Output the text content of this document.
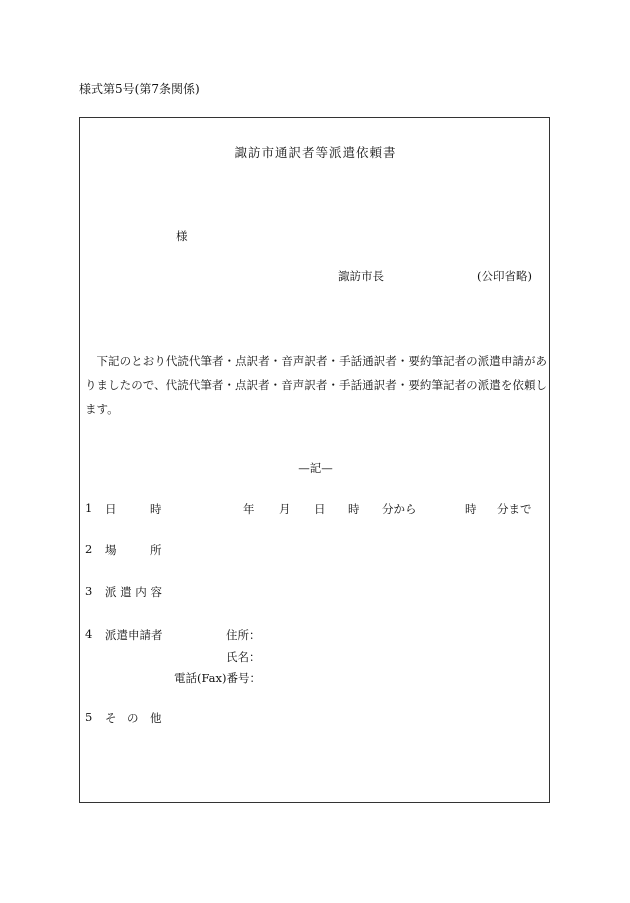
様式第5号(第7条関係)
諏訪市通訳者等派遣依頼書
様
諏訪市長	(公印省略)
下記のとおり代読代筆者・点訳者・音声訳者・手話通訳者・要約筆記者の派遣申請がありましたので、代読代筆者・点訳者・音声訳者・手話通訳者・要約筆記者の派遣を依頼します。
—記—
1 日	時	年 月 日 時 分から	時 分まで
2 場	所
3 派 遣 内 容
4 派遣申請者	住所：
氏名：
電話(Fax)番号：
5 そ の 他
